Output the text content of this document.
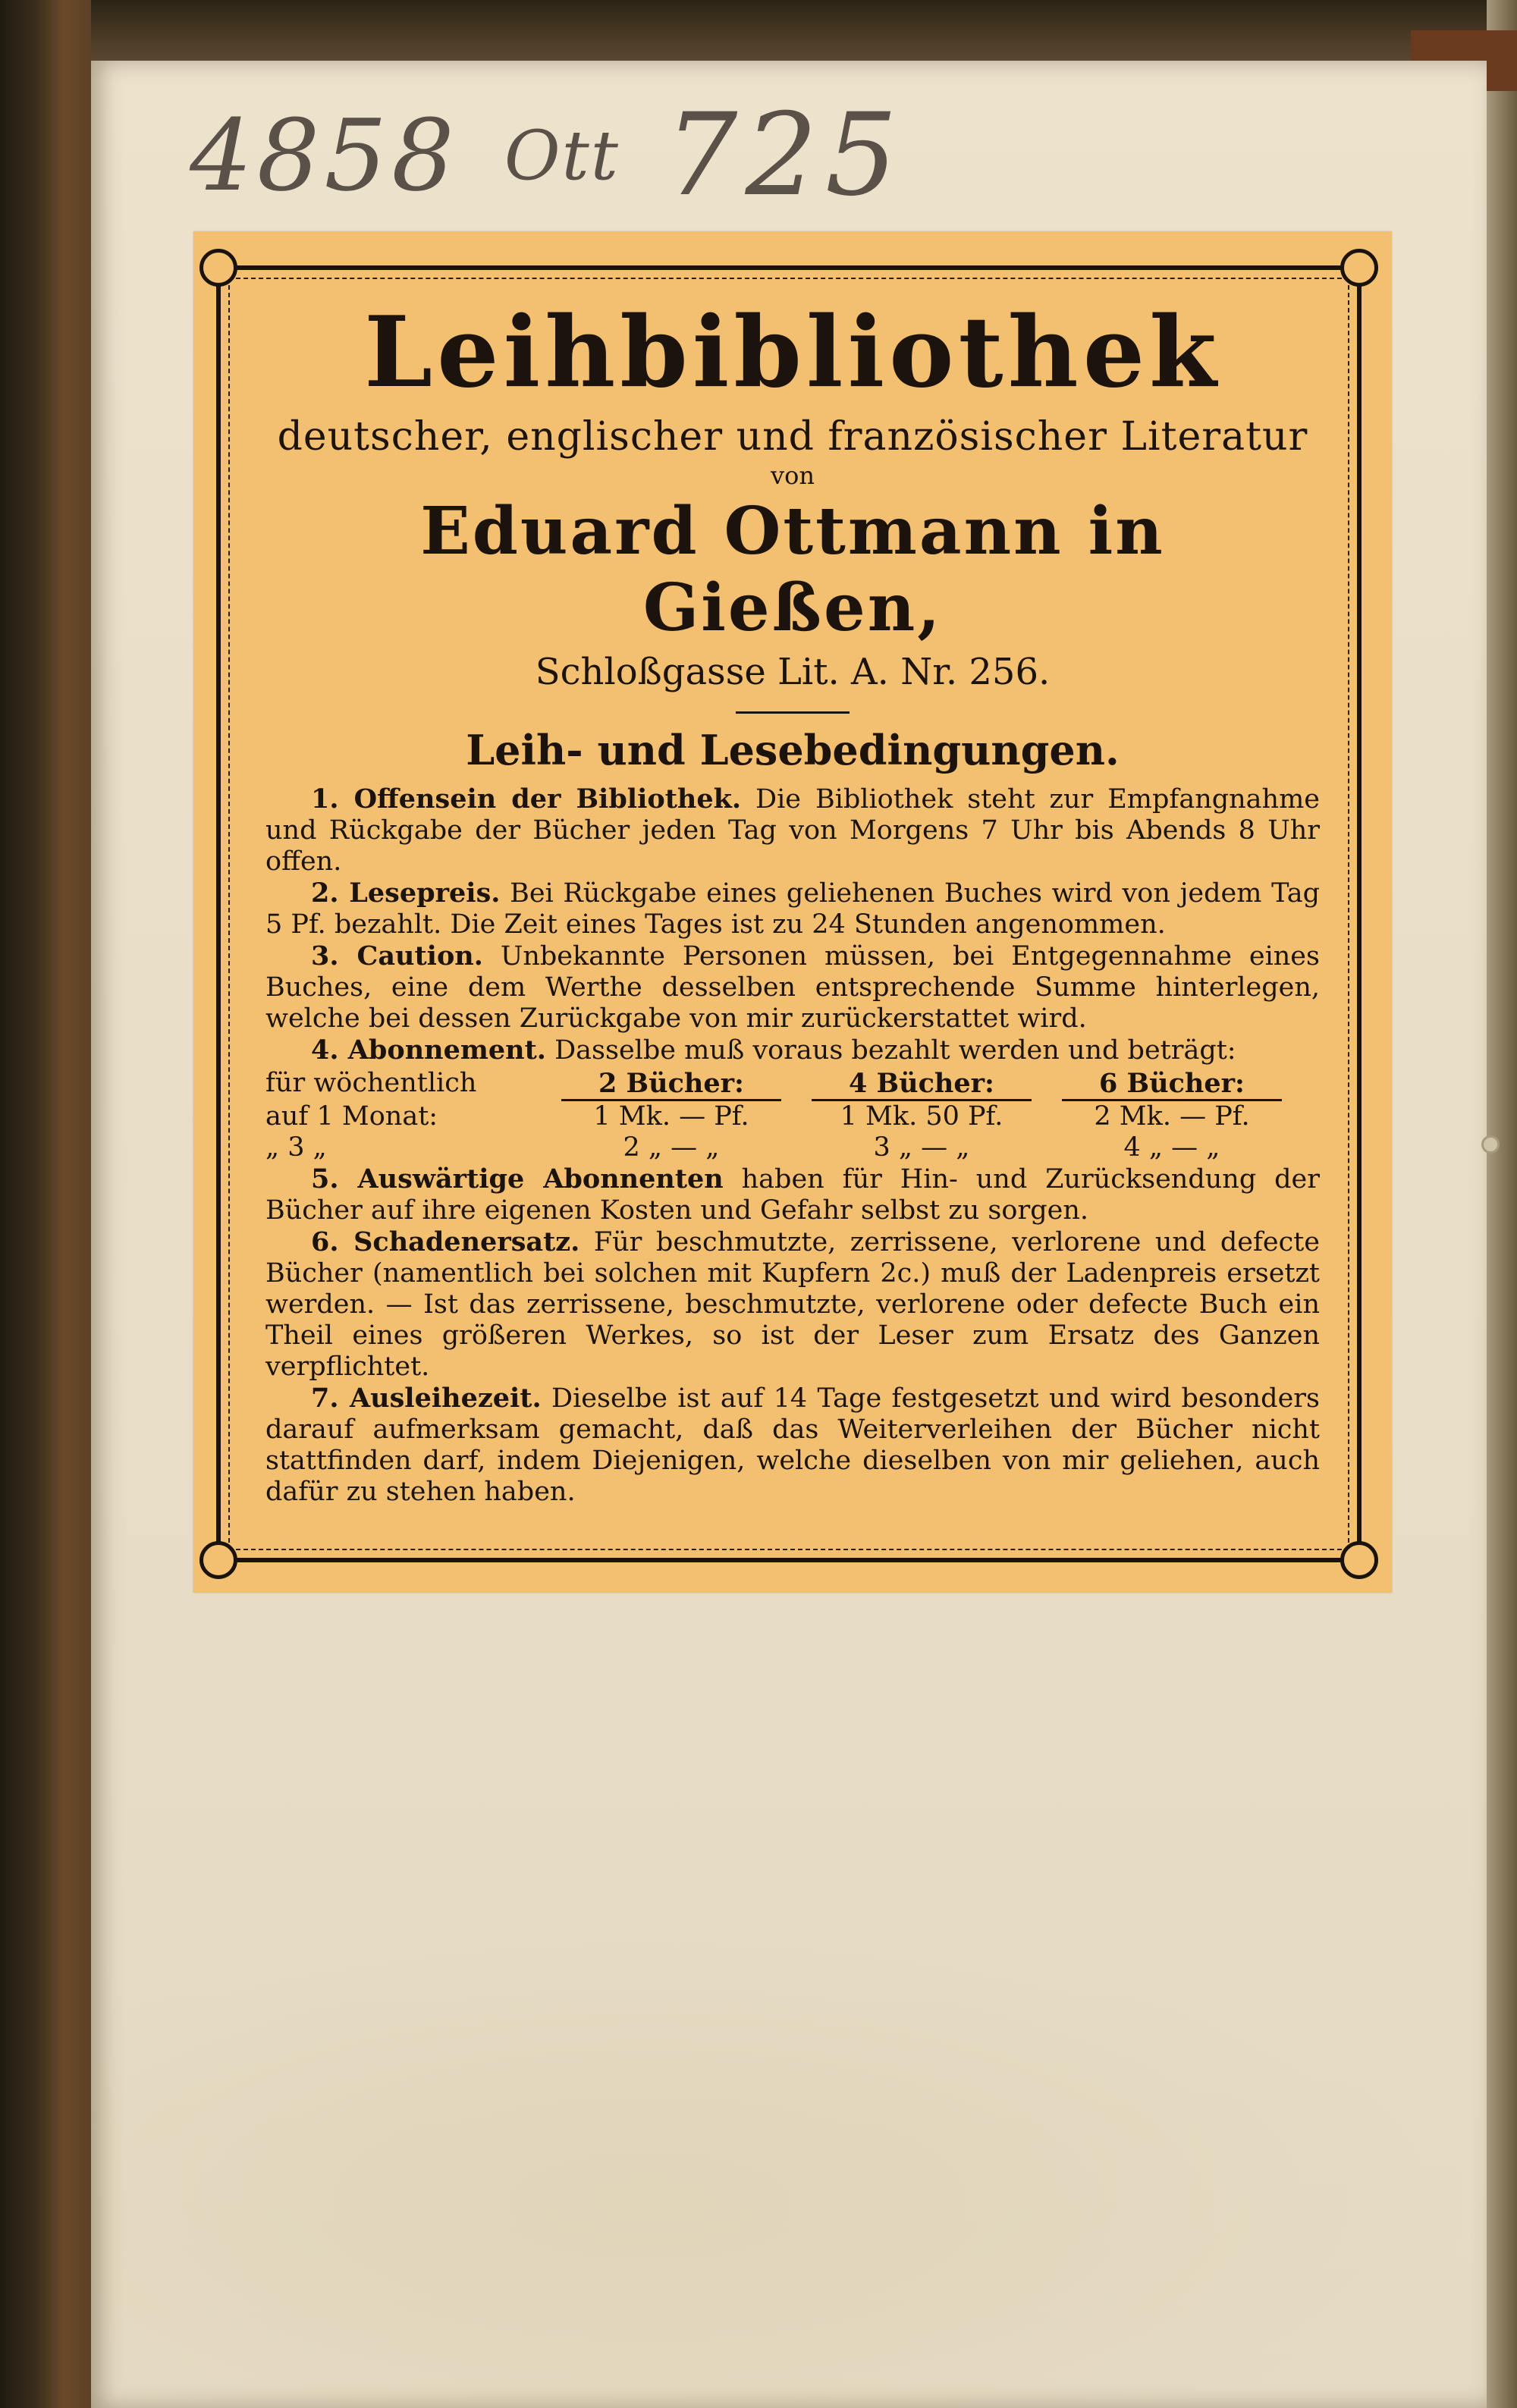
4858 Ott 725
Leihbibliothek
deutscher, englischer und französischer Literatur
von
Eduard Ottmann in Gießen,
Schloßgasse Lit. A. Nr. 256.
Leih- und Lesebedingungen.

1. Offensein der Bibliothek. Die Bibliothek steht zur Empfangnahme und Rückgabe der Bücher jeden Tag von Morgens 7 Uhr bis Abends 8 Uhr offen.

2. Lesepreis. Bei Rückgabe eines geliehenen Buches wird von jedem Tag 5 Pf. bezahlt. Die Zeit eines Tages ist zu 24 Stunden angenommen.

3. Caution. Unbekannte Personen müssen, bei Entgegennahme eines Buches, eine dem Werthe desselben entsprechende Summe hinterlegen, welche bei dessen Zurückgabe von mir zurückerstattet wird.

4. Abonnement. Dasselbe muß voraus bezahlt werden und beträgt:

für wöchentlich	2 Bücher:	4 Bücher:	6 Bücher:
auf 1 Monat:	1 Mk. — Pf.	1 Mk. 50 Pf.	2 Mk. — Pf.
„ 3 „	2 „ — „	3 „ — „	4 „ — „

5. Auswärtige Abonnenten haben für Hin- und Zurücksendung der Bücher auf ihre eigenen Kosten und Gefahr selbst zu sorgen.

6. Schadenersatz. Für beschmutzte, zerrissene, verlorene und defecte Bücher (namentlich bei solchen mit Kupfern 2c.) muß der Ladenpreis ersetzt werden. — Ist das zerrissene, beschmutzte, verlorene oder defecte Buch ein Theil eines größeren Werkes, so ist der Leser zum Ersatz des Ganzen verpflichtet.

7. Ausleihezeit. Dieselbe ist auf 14 Tage festgesetzt und wird besonders darauf aufmerksam gemacht, daß das Weiterverleihen der Bücher nicht stattfinden darf, indem Diejenigen, welche dieselben von mir geliehen, auch dafür zu stehen haben.
